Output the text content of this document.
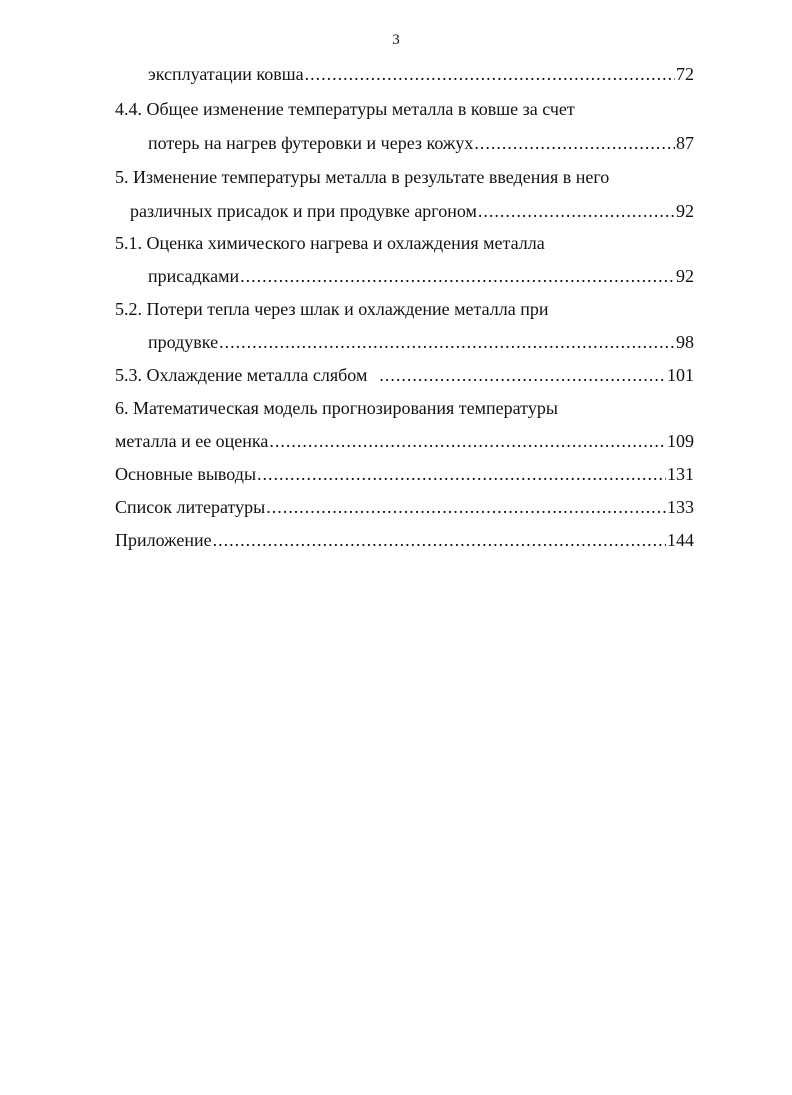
3
эксплуатации ковша .....	72
4.4. Общее изменение температуры металла в ковше за счет
потерь на нагрев футеровки и через кожух .....	87
5. Изменение температуры металла в результате введения в него
различных присадок и при продувке аргоном .....	92
5.1. Оценка химического нагрева и охлаждения металла
присадками .....	92
5.2. Потери тепла через шлак и охлаждение металла при
продувке .....	98
5.3. Охлаждение металла слябом .....	101
6. Математическая модель прогнозирования температуры
металла и ее оценка .....	109
Основные выводы .....	131
Список литературы .....	133
Приложение .....	144
